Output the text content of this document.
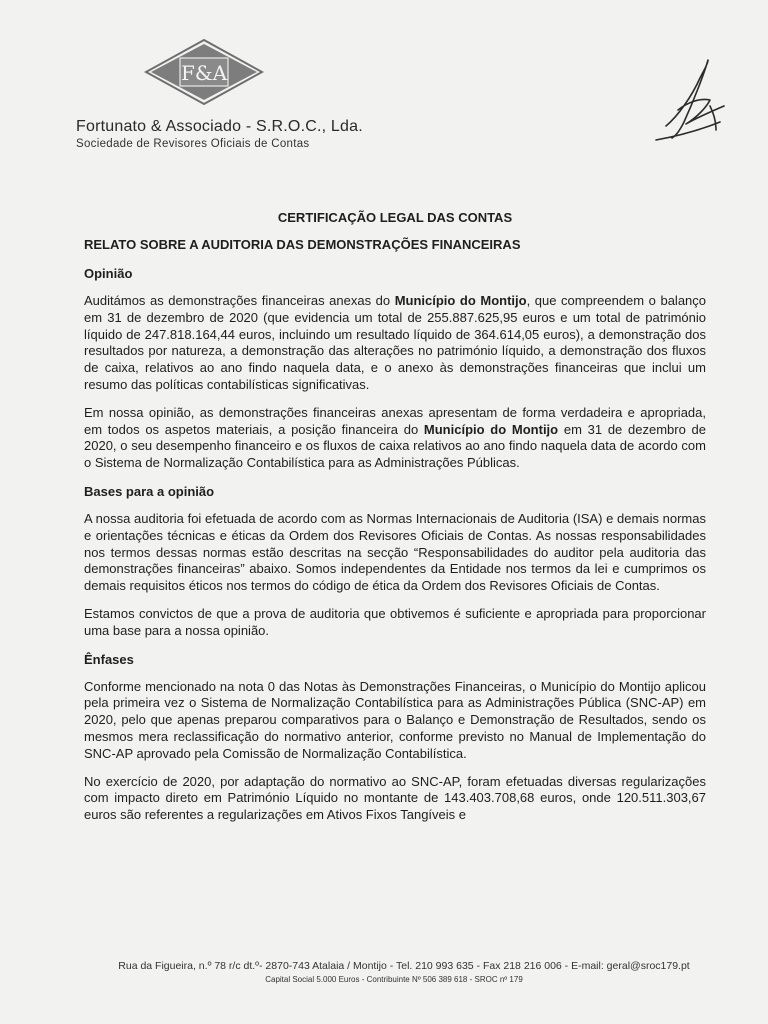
F&A
Fortunato & Associado - S.R.O.C., Lda.
Sociedade de Revisores Oficiais de Contas
CERTIFICAÇÃO LEGAL DAS CONTAS
RELATO SOBRE A AUDITORIA DAS DEMONSTRAÇÕES FINANCEIRAS
Opinião

Auditámos as demonstrações financeiras anexas do Município do Montijo, que compreendem o balanço em 31 de dezembro de 2020 (que evidencia um total de 255.887.625,95 euros e um total de património líquido de 247.818.164,44 euros, incluindo um resultado líquido de 364.614,05 euros), a demonstração dos resultados por natureza, a demonstração das alterações no património líquido, a demonstração dos fluxos de caixa, relativos ao ano findo naquela data, e o anexo às demonstrações financeiras que inclui um resumo das políticas contabilísticas significativas.

Em nossa opinião, as demonstrações financeiras anexas apresentam de forma verdadeira e apropriada, em todos os aspetos materiais, a posição financeira do Município do Montijo em 31 de dezembro de 2020, o seu desempenho financeiro e os fluxos de caixa relativos ao ano findo naquela data de acordo com o Sistema de Normalização Contabilística para as Administrações Públicas.

Bases para a opinião

A nossa auditoria foi efetuada de acordo com as Normas Internacionais de Auditoria (ISA) e demais normas e orientações técnicas e éticas da Ordem dos Revisores Oficiais de Contas. As nossas responsabilidades nos termos dessas normas estão descritas na secção “Responsabilidades do auditor pela auditoria das demonstrações financeiras” abaixo. Somos independentes da Entidade nos termos da lei e cumprimos os demais requisitos éticos nos termos do código de ética da Ordem dos Revisores Oficiais de Contas.

Estamos convictos de que a prova de auditoria que obtivemos é suficiente e apropriada para proporcionar uma base para a nossa opinião.

Ênfases

Conforme mencionado na nota 0 das Notas às Demonstrações Financeiras, o Município do Montijo aplicou pela primeira vez o Sistema de Normalização Contabilística para as Administrações Pública (SNC-AP) em 2020, pelo que apenas preparou comparativos para o Balanço e Demonstração de Resultados, sendo os mesmos mera reclassificação do normativo anterior, conforme previsto no Manual de Implementação do SNC-AP aprovado pela Comissão de Normalização Contabilística.

No exercício de 2020, por adaptação do normativo ao SNC-AP, foram efetuadas diversas regularizações com impacto direto em Património Líquido no montante de 143.403.708,68 euros, onde 120.511.303,67 euros são referentes a regularizações em Ativos Fixos Tangíveis e

Rua da Figueira, n.º 78 r/c dt.º- 2870-743 Atalaia / Montijo - Tel. 210 993 635 - Fax 218 216 006 - E-mail: geral@sroc179.pt
Capital Social 5.000 Euros - Contribuinte Nº 506 389 618 - SROC nº 179
